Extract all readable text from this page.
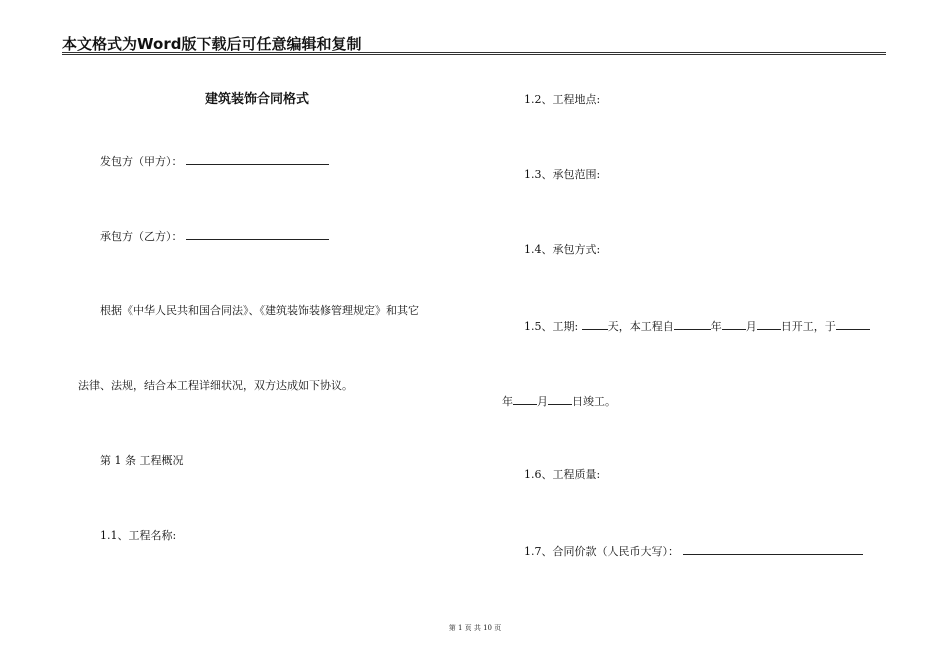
本文格式为Word版下载后可任意编辑和复制
建筑装饰合同格式
发包方（甲方）：
承包方（乙方）：
根据《中华人民共和国合同法》、《建筑装饰装修管理规定》和其它
法律、法规，结合本工程详细状况，双方达成如下协议。
第 1 条 工程概况
1.1、工程名称:
1.2、工程地点:
1.3、承包范围:
1.4、承包方式:
1.5、工期:	天，本工程自	年 月 日开工，于
年 月 日竣工。
1.6、工程质量:
1.7、合同价款（人民币大写）：
第 1 页 共 10 页
